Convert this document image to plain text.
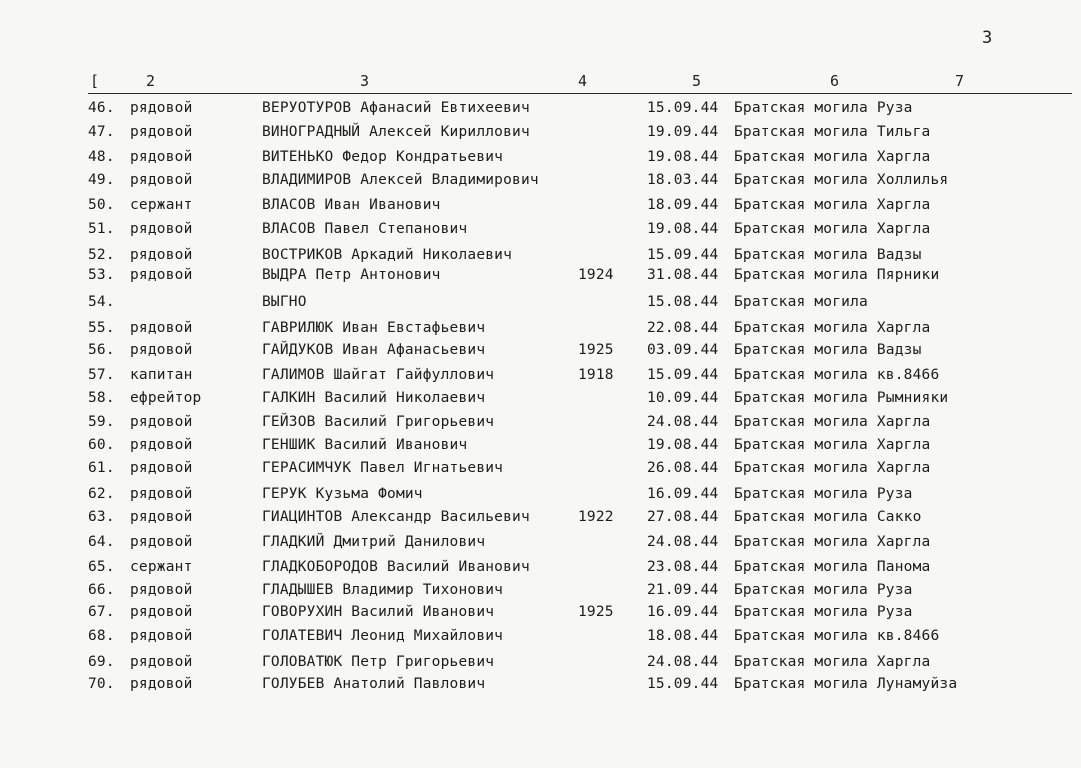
3
[	2	3	4	5	6	7
46. рядовой	ВЕРУОТУРОВ Афанасий Евтихеевич	15.09.44 Братская могила Руза
47. рядовой	ВИНОГРАДНЫЙ Алексей Кириллович	19.09.44 Братская могила Тильга
48. рядовой	ВИТЕНЬКО Федор Кондратьевич	19.08.44 Братская могила Харгла
49. рядовой	ВЛАДИМИРОВ Алексей Владимирович	18.03.44 Братская могила Холлилья
50. сержант	ВЛАСОВ Иван Иванович	18.09.44 Братская могила Харгла
51. рядовой	ВЛАСОВ Павел Степанович	19.08.44 Братская могила Харгла
52. рядовой	ВОСТРИКОВ Аркадий Николаевич	15.09.44 Братская могила Вадзы
53. рядовой	ВЫДРА Петр Антонович	1924 31.08.44 Братская могила Пярники
54.	ВЫГНО	15.08.44 Братская могила
55. рядовой	ГАВРИЛЮК Иван Евстафьевич	22.08.44 Братская могила Харгла
56. рядовой	ГАЙДУКОВ Иван Афанасьевич	1925 03.09.44 Братская могила Вадзы
57. капитан	ГАЛИМОВ Шайгат Гайфуллович	1918 15.09.44 Братская могила кв.8466
58. ефрейтор	ГАЛКИН Василий Николаевич	10.09.44 Братская могила Рымнияки
59. рядовой	ГЕЙЗОВ Василий Григорьевич	24.08.44 Братская могила Харгла
60. рядовой	ГЕНШИК Василий Иванович	19.08.44 Братская могила Харгла
61. рядовой	ГЕРАСИМЧУК Павел Игнатьевич	26.08.44 Братская могила Харгла
62. рядовой	ГЕРУК Кузьма Фомич	16.09.44 Братская могила Руза
63. рядовой	ГИАЦИНТОВ Александр Васильевич	1922 27.08.44 Братская могила Сакко
64. рядовой	ГЛАДКИЙ Дмитрий Данилович	24.08.44 Братская могила Харгла
65. сержант	ГЛАДКОБОРОДОВ Василий Иванович	23.08.44 Братская могила Панома
66. рядовой	ГЛАДЫШЕВ Владимир Тихонович	21.09.44 Братская могила Руза
67. рядовой	ГОВОРУХИН Василий Иванович	1925 16.09.44 Братская могила Руза
68. рядовой	ГОЛАТЕВИЧ Леонид Михайлович	18.08.44 Братская могила кв.8466
69. рядовой	ГОЛОВАТЮК Петр Григорьевич	24.08.44 Братская могила Харгла
70. рядовой	ГОЛУБЕВ Анатолий Павлович	15.09.44 Братская могила Лунамуйза
